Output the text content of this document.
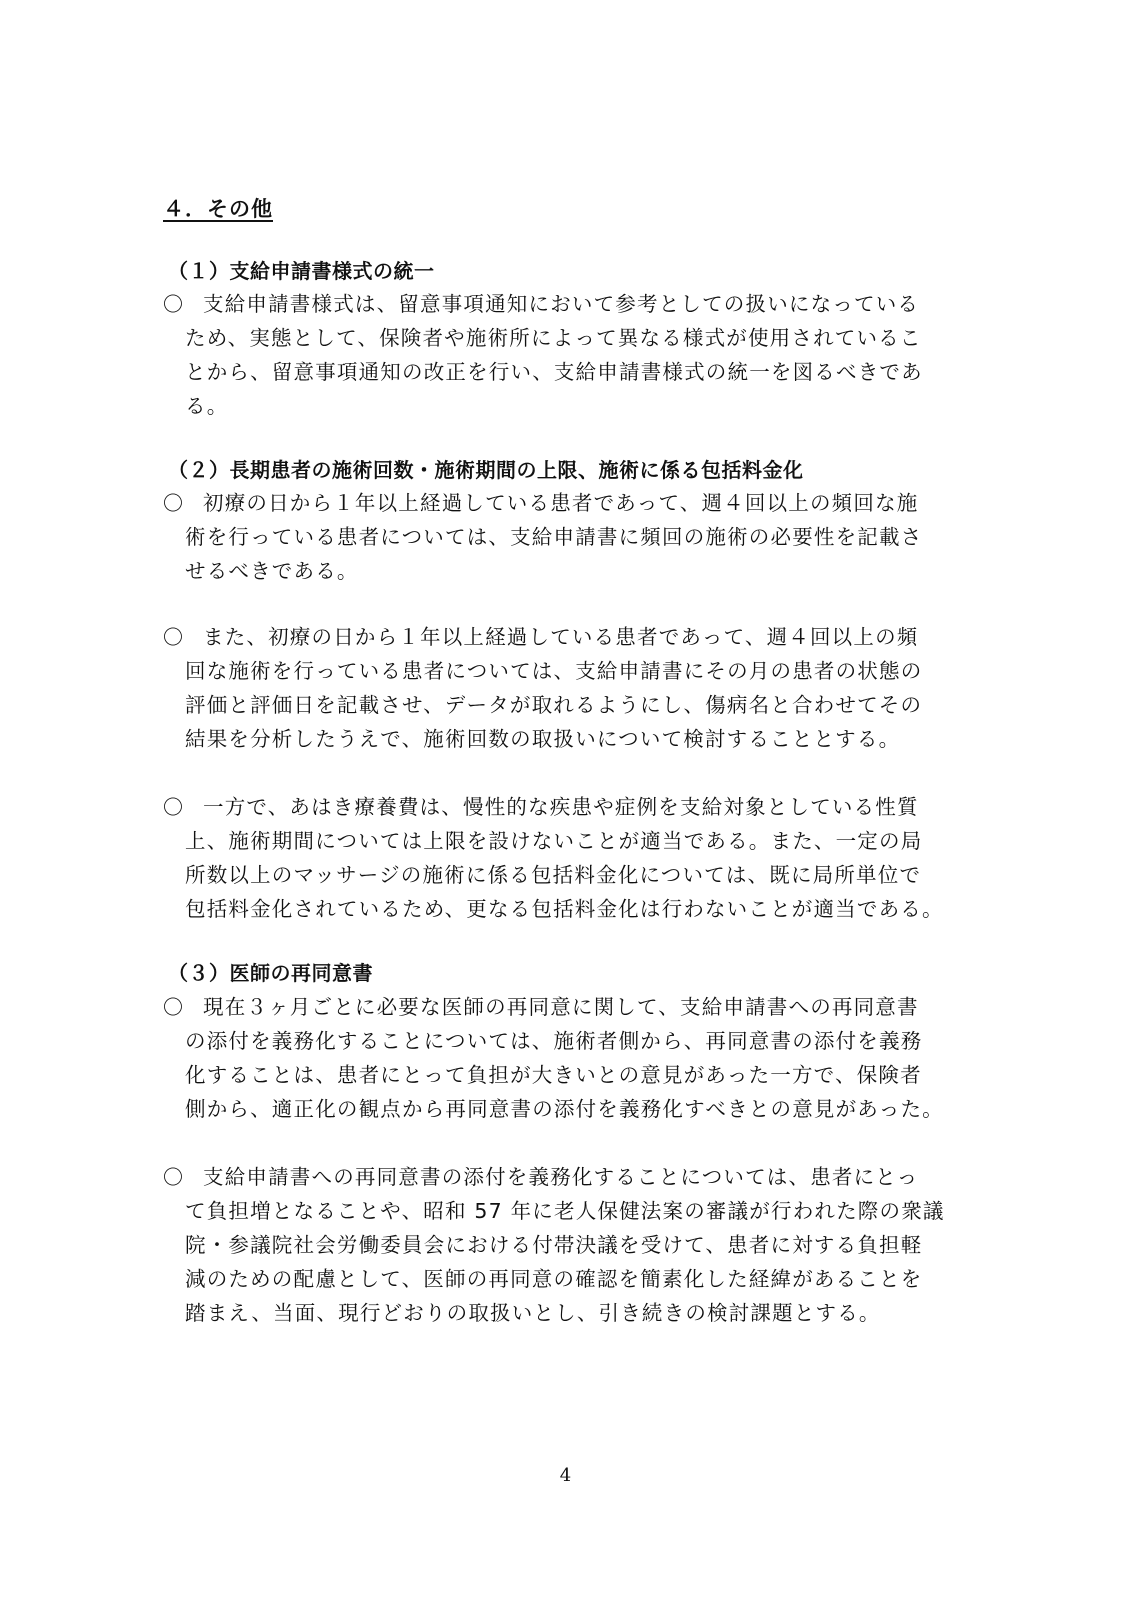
４．その他
（１）支給申請書様式の統一
〇 支給申請書様式は、留意事項通知において参考としての扱いになっている
ため、実態として、保険者や施術所によって異なる様式が使用されているこ
とから、留意事項通知の改正を行い、支給申請書様式の統一を図るべきであ
る。
（２）長期患者の施術回数・施術期間の上限、施術に係る包括料金化
〇 初療の日から１年以上経過している患者であって、週４回以上の頻回な施
術を行っている患者については、支給申請書に頻回の施術の必要性を記載さ
せるべきである。
〇 また、初療の日から１年以上経過している患者であって、週４回以上の頻
回な施術を行っている患者については、支給申請書にその月の患者の状態の
評価と評価日を記載させ、データが取れるようにし、傷病名と合わせてその
結果を分析したうえで、施術回数の取扱いについて検討することとする。
〇 一方で、あはき療養費は、慢性的な疾患や症例を支給対象としている性質
上、施術期間については上限を設けないことが適当である。また、一定の局
所数以上のマッサージの施術に係る包括料金化については、既に局所単位で
包括料金化されているため、更なる包括料金化は行わないことが適当である。
（３）医師の再同意書
〇 現在３ヶ月ごとに必要な医師の再同意に関して、支給申請書への再同意書
の添付を義務化することについては、施術者側から、再同意書の添付を義務
化することは、患者にとって負担が大きいとの意見があった一方で、保険者
側から、適正化の観点から再同意書の添付を義務化すべきとの意見があった。
〇 支給申請書への再同意書の添付を義務化することについては、患者にとっ
て負担増となることや、昭和 57 年に老人保健法案の審議が行われた際の衆議
院・参議院社会労働委員会における付帯決議を受けて、患者に対する負担軽
減のための配慮として、医師の再同意の確認を簡素化した経緯があることを
踏まえ、当面、現行どおりの取扱いとし、引き続きの検討課題とする。

4
